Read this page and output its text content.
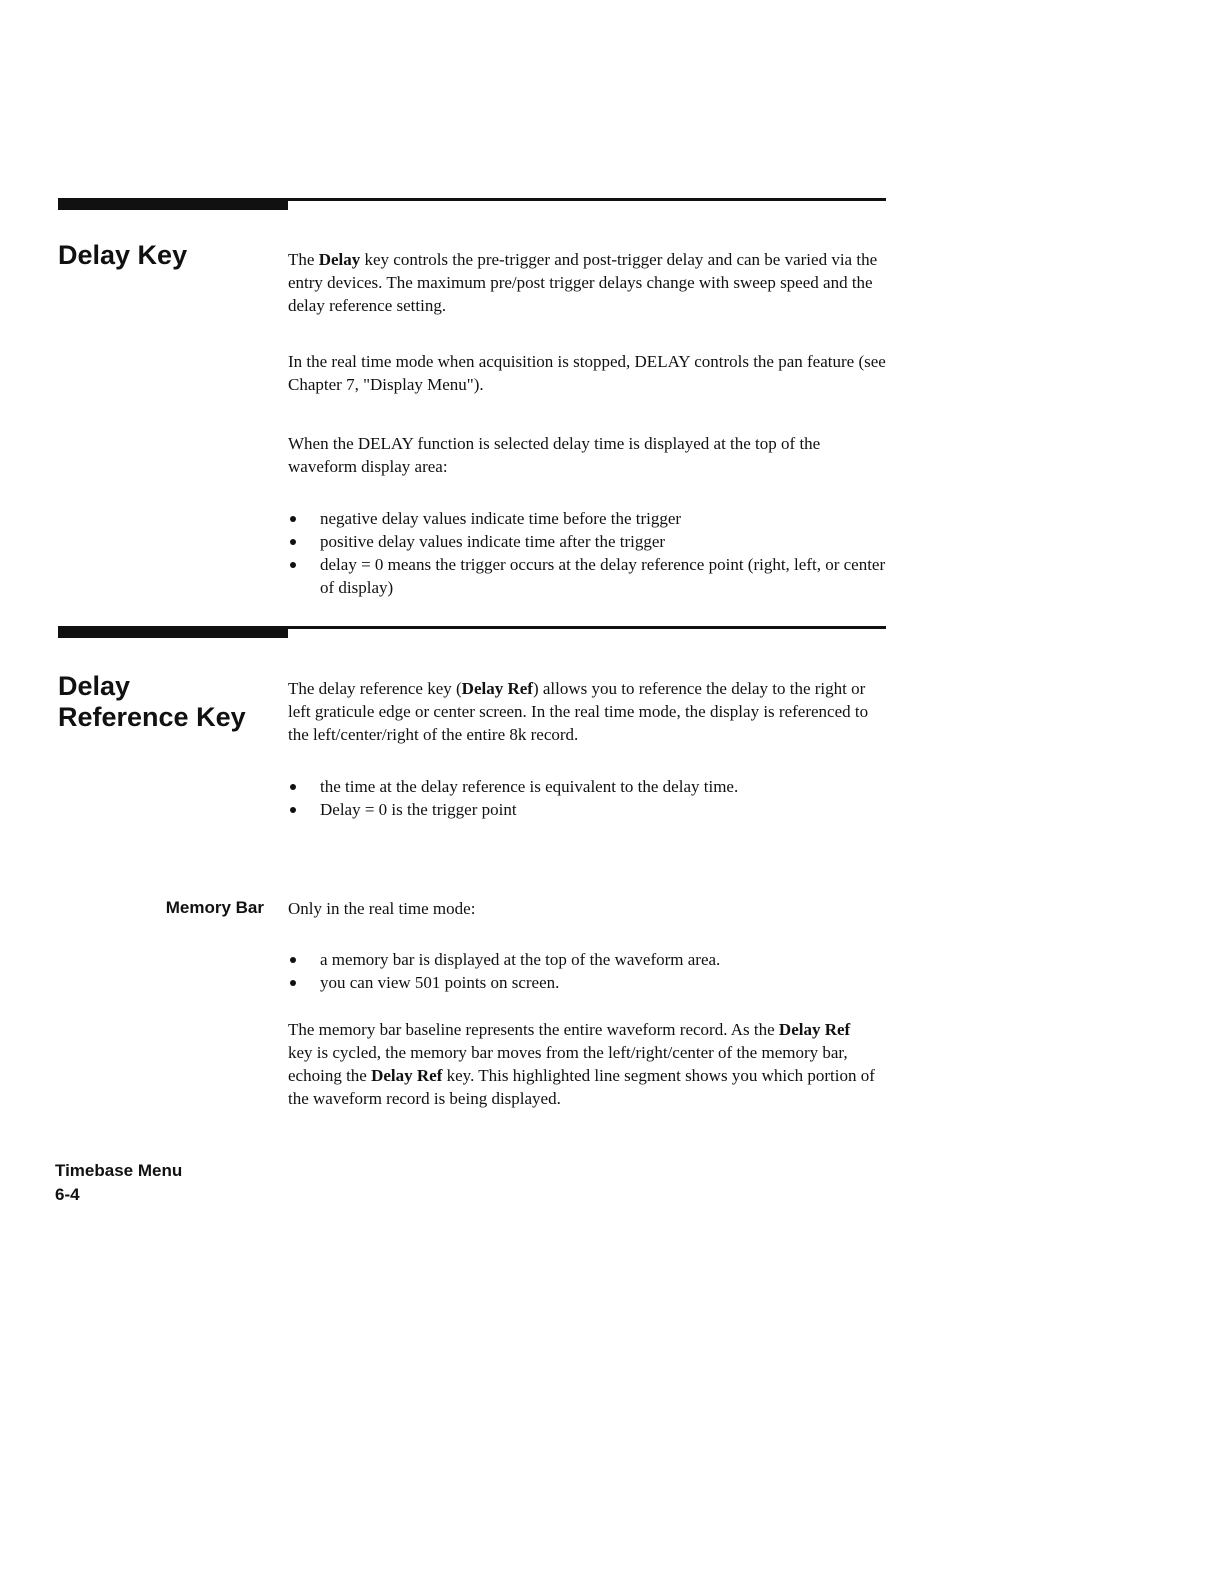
Delay Key	The Delay key controls the pre-trigger and post-trigger delay and can be varied via the entry devices. The maximum pre/post trigger delays change with sweep speed and the delay reference setting.

In the real time mode when acquisition is stopped, DELAY controls the pan feature (see Chapter 7, "Display Menu").

When the DELAY function is selected delay time is displayed at the top of the waveform display area:

negative delay values indicate time before the trigger
positive delay values indicate time after the trigger
delay = 0 means the trigger occurs at the delay reference point (right, left, or center of display)
Delay
Reference Key

The delay reference key (Delay Ref) allows you to reference the delay to the right or left graticule edge or center screen. In the real time mode, the display is referenced to the left/center/right of the entire 8k record.

the time at the delay reference is equivalent to the delay time.
Delay = 0 is the trigger point
Memory Bar Only in the real time mode:

a memory bar is displayed at the top of the waveform area.
you can view 501 points on screen.

The memory bar baseline represents the entire waveform record. As the Delay Ref key is cycled, the memory bar moves from the left/right/center of the memory bar, echoing the Delay Ref key. This highlighted line segment shows you which portion of the waveform record is being displayed.

Timebase Menu
6-4
